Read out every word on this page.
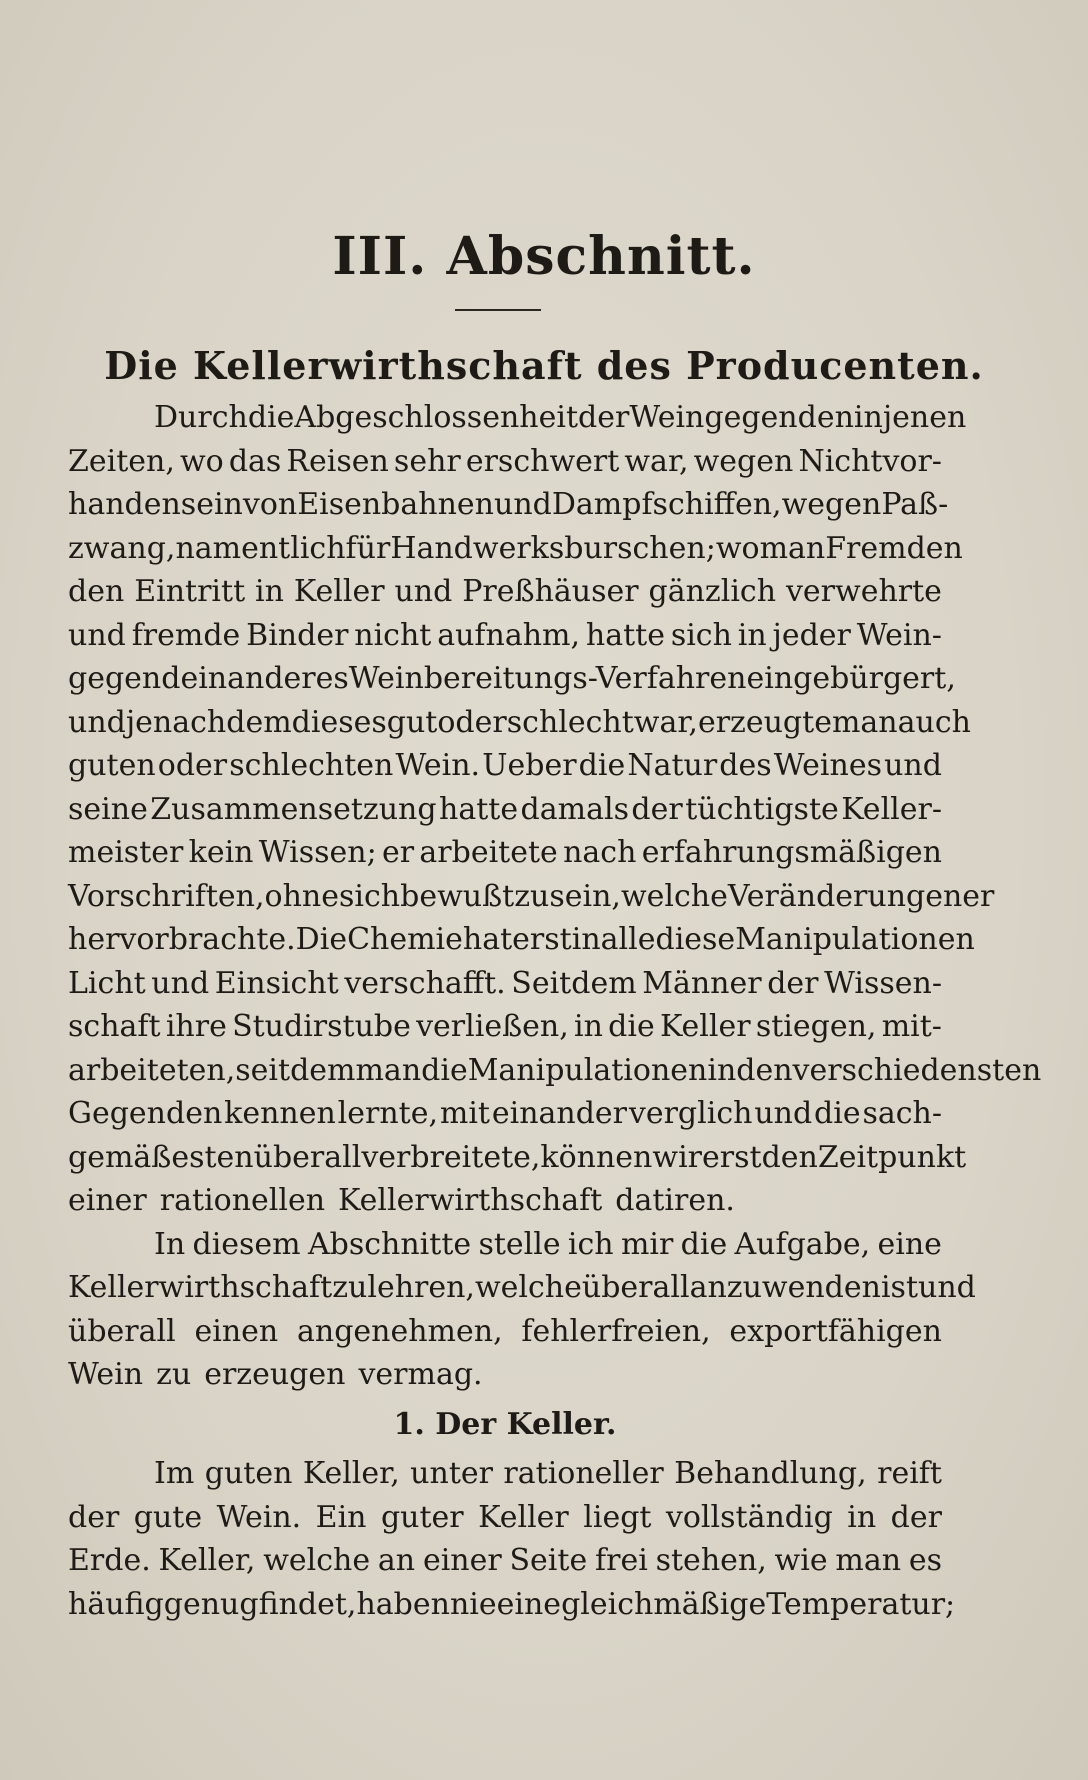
III. Abschnitt.
Die Kellerwirthschaft des Producenten.
Durch die Abgeschlossenheit der Weingegenden in jenen
Zeiten, wo das Reisen sehr erschwert war, wegen Nichtvor-
handensein von Eisenbahnen und Dampfschiffen, wegen Paß-
zwang, namentlich für Handwerksburschen; wo man Fremden
den Eintritt in Keller und Preßhäuser gänzlich verwehrte
und fremde Binder nicht aufnahm, hatte sich in jeder Wein-
gegend ein anderes Weinbereitungs-Verfahren eingebürgert,
und je nachdem dieses gut oder schlecht war, erzeugte man auch
guten oder schlechten Wein. Ueber die Natur des Weines und
seine Zusammensetzung hatte damals der tüchtigste Keller-
meister kein Wissen; er arbeitete nach erfahrungsmäßigen
Vorschriften, ohne sich bewußt zu sein, welche Veränderungen er
hervorbrachte. Die Chemie hat erst in alle diese Manipulationen
Licht und Einsicht verschafft. Seitdem Männer der Wissen-
schaft ihre Studirstube verließen, in die Keller stiegen, mit-
arbeiteten, seitdem man die Manipulationen in den verschiedensten
Gegenden kennen lernte, mit einander verglich und die sach-
gemäßesten überall verbreitete, können wir erst den Zeitpunkt
einer rationellen Kellerwirthschaft datiren.
In diesem Abschnitte stelle ich mir die Aufgabe, eine
Kellerwirthschaft zu lehren, welche überall anzuwenden ist und
überall einen angenehmen, fehlerfreien, exportfähigen
Wein zu erzeugen vermag.
1. Der Keller.
Im guten Keller, unter rationeller Behandlung, reift
der gute Wein. Ein guter Keller liegt vollständig in der
Erde. Keller, welche an einer Seite frei stehen, wie man es
häufig genug findet, haben nie eine gleichmäßige Temperatur;
